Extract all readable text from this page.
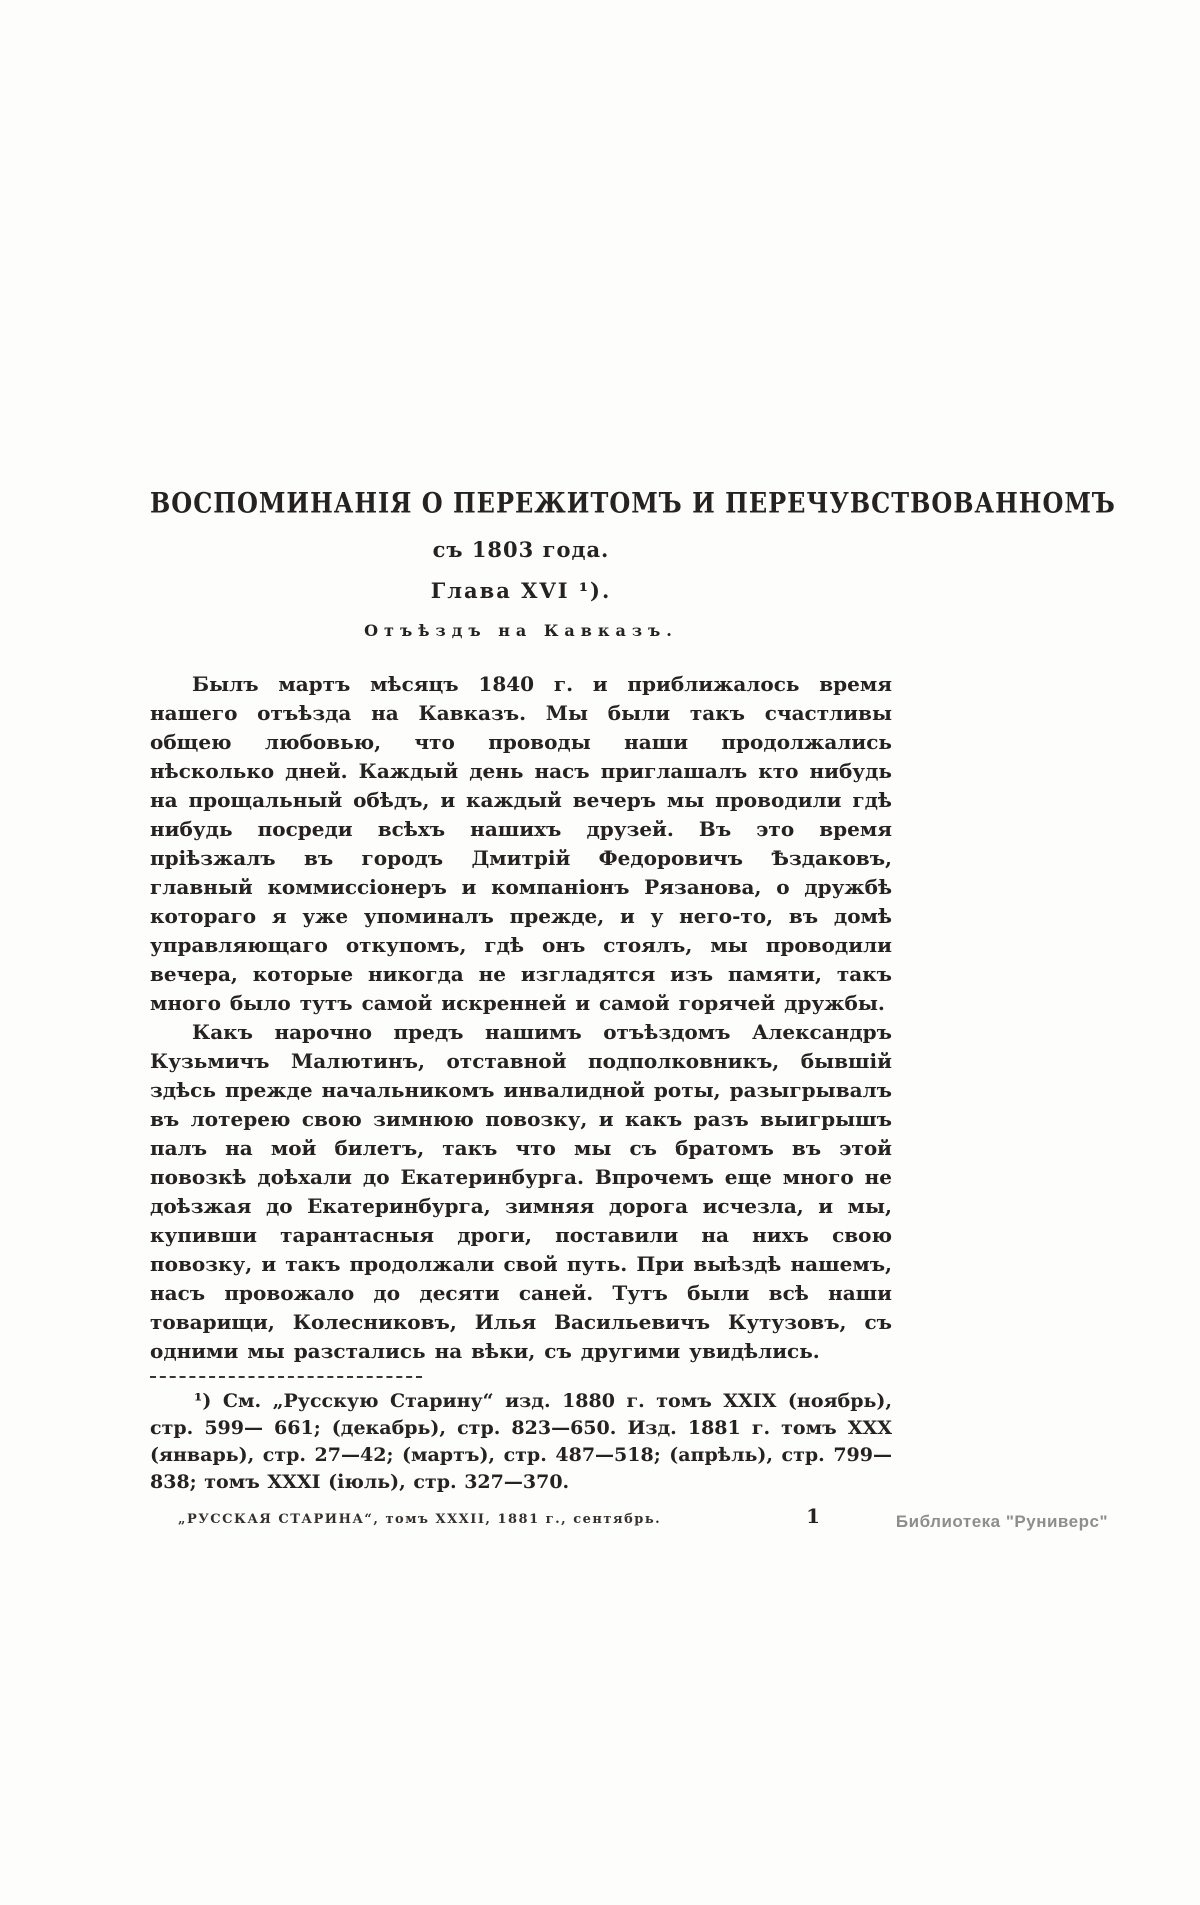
ВОСПОМИНАНІЯ О ПЕРЕЖИТОМЪ И ПЕРЕЧУВСТВОВАННОМЪ
съ 1803 года.
Глава XVI ¹).
Отъѣздъ на Кавказъ.

Былъ мартъ мѣсяцъ 1840 г. и приближалось время нашего отъѣзда на Кавказъ. Мы были такъ счастливы общею любовью, что проводы наши продолжались нѣсколько дней. Каждый день насъ приглашалъ кто нибудь на прощальный обѣдъ, и каждый вечеръ мы проводили гдѣ нибудь посреди всѣхъ нашихъ друзей. Въ это время пріѣзжалъ въ городъ Дмитрій Федоровичъ Ѣздаковъ, главный коммиссіонеръ и компаніонъ Рязанова, о дружбѣ котораго я уже упоминалъ прежде, и у него-то, въ домѣ управляющаго откупомъ, гдѣ онъ стоялъ, мы проводили вечера, которые никогда не изгладятся изъ памяти, такъ много было тутъ самой искренней и самой горячей дружбы.

Какъ нарочно предъ нашимъ отъѣздомъ Александръ Кузьмичъ Малютинъ, отставной подполковникъ, бывшій здѣсь прежде начальникомъ инвалидной роты, разыгрывалъ въ лотерею свою зимнюю повозку, и какъ разъ выигрышъ палъ на мой билетъ, такъ что мы съ братомъ въ этой повозкѣ доѣхали до Екатеринбурга. Впрочемъ еще много не доѣзжая до Екатеринбурга, зимняя дорога исчезла, и мы, купивши тарантасныя дроги, поставили на нихъ свою повозку, и такъ продолжали свой путь. При выѣздѣ нашемъ, насъ провожало до десяти саней. Тутъ были всѣ наши товарищи, Колесниковъ, Илья Васильевичъ Кутузовъ, съ одними мы разстались на вѣки, съ другими увидѣлись.

¹) См. „Русскую Старину“ изд. 1880 г. томъ XXIX (ноябрь), стр. 599— 661; (декабрь), стр. 823—650. Изд. 1881 г. томъ XXX (январь), стр. 27—42; (мартъ), стр. 487—518; (апрѣль), стр. 799—838; томъ XXXI (іюль), стр. 327—370.

„РУССКАЯ СТАРИНА“, томъ XXXII, 1881 г., сентябрь.	1	Библиотека "Руниверс"
